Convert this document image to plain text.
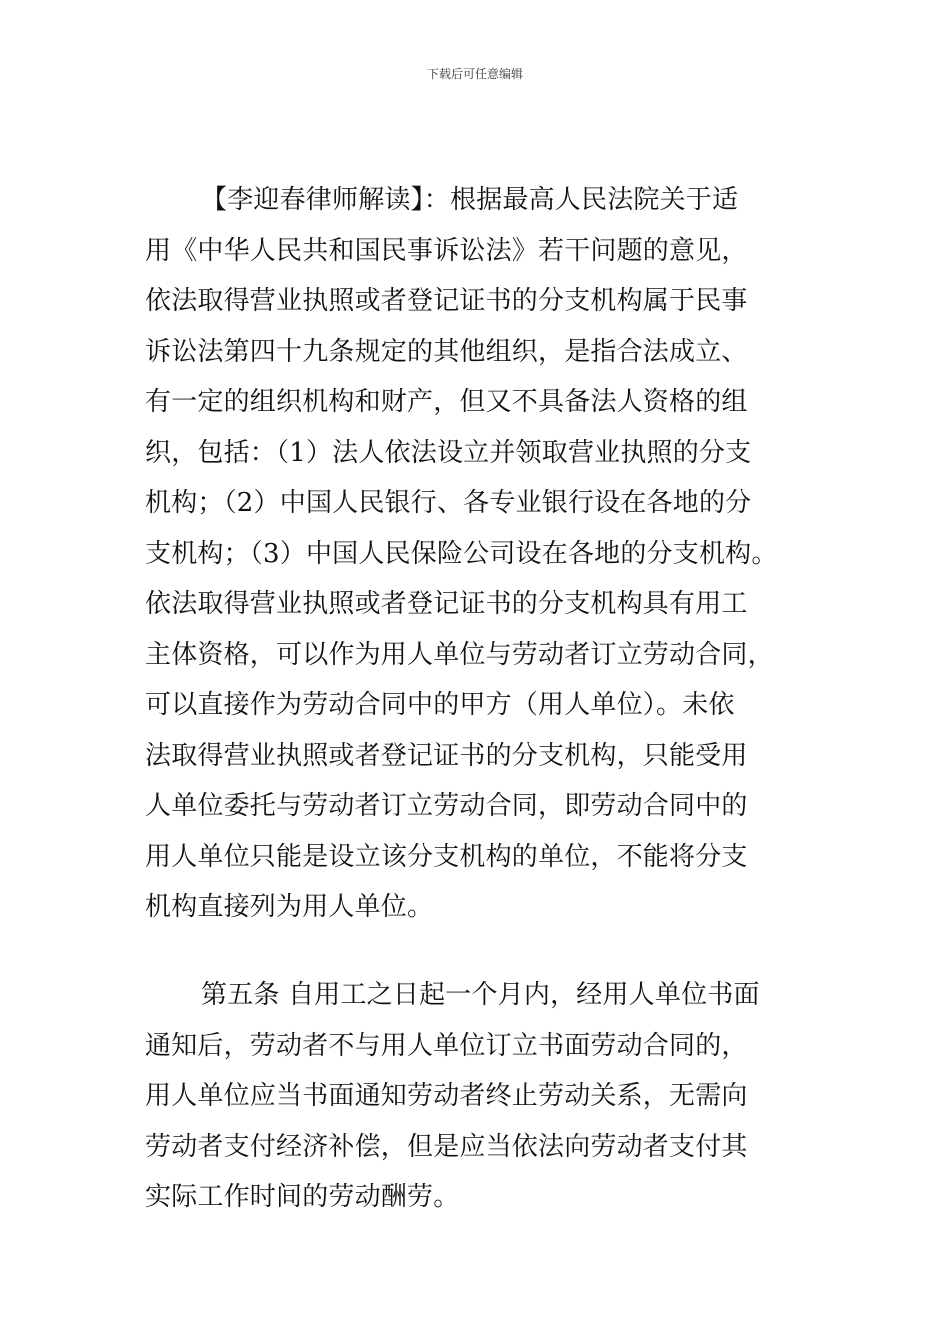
下载后可任意编辑
【李迎春律师解读】：根据最高人民法院关于适
用《中华人民共和国民事诉讼法》若干问题的意见，
依法取得营业执照或者登记证书的分支机构属于民事
诉讼法第四十九条规定的其他组织，是指合法成立、
有一定的组织机构和财产，但又不具备法人资格的组
织，包括：（1）法人依法设立并领取营业执照的分支
机构；（2）中国人民银行、各专业银行设在各地的分
支机构；（3）中国人民保险公司设在各地的分支机构。
依法取得营业执照或者登记证书的分支机构具有用工
主体资格，可以作为用人单位与劳动者订立劳动合同，
可以直接作为劳动合同中的甲方（用人单位）。未依
法取得营业执照或者登记证书的分支机构，只能受用
人单位委托与劳动者订立劳动合同，即劳动合同中的
用人单位只能是设立该分支机构的单位，不能将分支
机构直接列为用人单位。
第五条 自用工之日起一个月内，经用人单位书面
通知后，劳动者不与用人单位订立书面劳动合同的，
用人单位应当书面通知劳动者终止劳动关系，无需向
劳动者支付经济补偿，但是应当依法向劳动者支付其
实际工作时间的劳动酬劳。
